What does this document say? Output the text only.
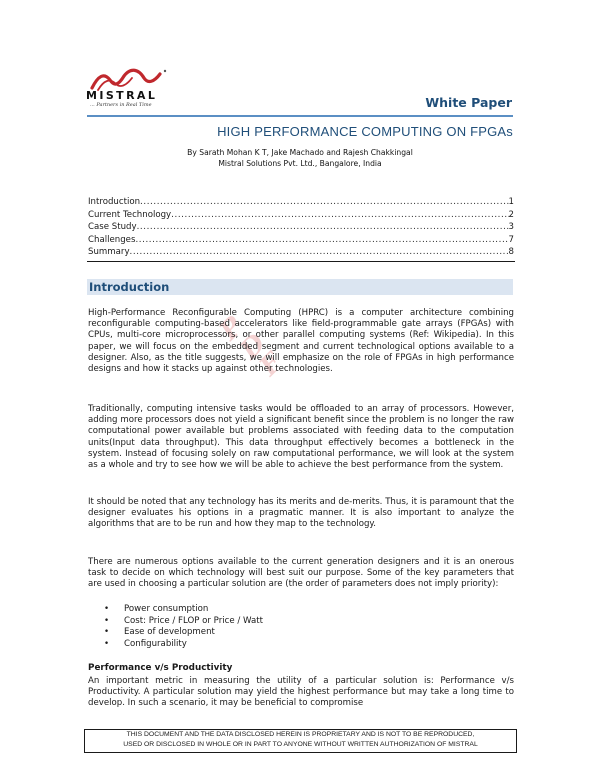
MISTRAL
... Partners in Real Time	White Paper
HIGH PERFORMANCE COMPUTING ON FPGAs
By Sarath Mohan K T, Jake Machado and Rajesh Chakkingal
Mistral Solutions Pvt. Ltd., Bangalore, India
Introduction .....	1
Current Technology .....	2
Case Study .....	3
Challenges .....	7
Summary .....	8
Introduction
P
D
F
High-Performance Reconfigurable Computing (HPRC) is a computer architecture combining reconfigurable computing-based accelerators like field-programmable gate arrays (FPGAs) with CPUs, multi-core microprocessors, or other parallel computing systems (Ref: Wikipedia). In this paper, we will focus on the embedded segment and current technological options available to a designer. Also, as the title suggests, we will emphasize on the role of FPGAs in high performance designs and how it stacks up against other technologies.
Traditionally, computing intensive tasks would be offloaded to an array of processors. However, adding more processors does not yield a significant benefit since the problem is no longer the raw computational power available but problems associated with feeding data to the computation units(Input data throughput). This data throughput effectively becomes a bottleneck in the system. Instead of focusing solely on raw computational performance, we will look at the system as a whole and try to see how we will be able to achieve the best performance from the system.
It should be noted that any technology has its merits and de-merits. Thus, it is paramount that the designer evaluates his options in a pragmatic manner. It is also important to analyze the algorithms that are to be run and how they map to the technology.
There are numerous options available to the current generation designers and it is an onerous task to decide on which technology will best suit our purpose. Some of the key parameters that are used in choosing a particular solution are (the order of parameters does not imply priority):
• Power consumption
• Cost: Price / FLOP or Price / Watt
• Ease of development
• Configurability
Performance v/s Productivity
An important metric in measuring the utility of a particular solution is: Performance v/s Productivity. A particular solution may yield the highest performance but may take a long time to develop. In such a scenario, it may be beneficial to compromise
THIS DOCUMENT AND THE DATA DISCLOSED HEREIN IS PROPRIETARY AND IS NOT TO BE REPRODUCED,
USED OR DISCLOSED IN WHOLE OR IN PART TO ANYONE WITHOUT WRITTEN AUTHORIZATION OF MISTRAL
